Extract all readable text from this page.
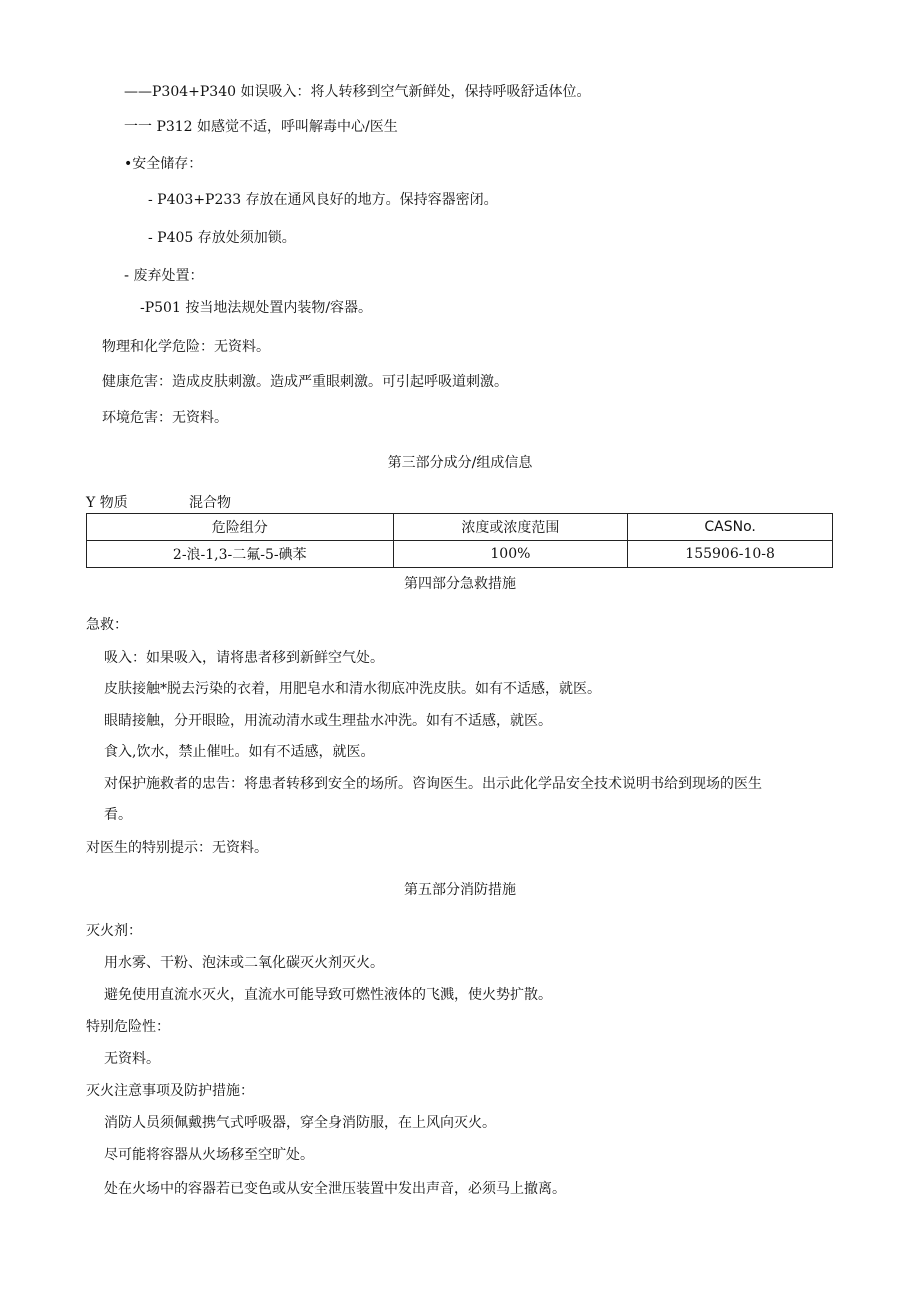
——P304+P340 如误吸入：将人转移到空气新鲜处，保持呼吸舒适体位。
一一 P312 如感觉不适，呼叫解毒中心/医生
•安全储存：
- P403+P233 存放在通风良好的地方。保持容器密闭。
- P405 存放处须加锁。
- 废弃处置：
-P501 按当地法规处置内装物/容器。
物理和化学危险：无资料。
健康危害：造成皮肤刺激。造成严重眼刺激。可引起呼吸道刺激。
环境危害：无资料。
第三部分成分/组成信息
Y 物质	混合物
危险组分	浓度或浓度范围	CASNo.
2-浪-1,3-二氟-5-碘苯	100%	155906-10-8
第四部分急救措施
急救：
吸入：如果吸入，请将患者移到新鲜空气处。
皮肤接触*脱去污染的衣着，用肥皂水和清水彻底冲洗皮肤。如有不适感，就医。
眼睛接触，分开眼睑，用流动清水或生理盐水冲洗。如有不适感，就医。
食入,饮水，禁止催吐。如有不适感，就医。
对保护施救者的忠告：将患者转移到安全的场所。咨询医生。出示此化学品安全技术说明书给到现场的医生
看。
对医生的特别提示：无资料。
第五部分消防措施
灭火剂：
用水雾、干粉、泡沫或二氧化碳灭火剂灭火。
避免使用直流水灭火，直流水可能导致可燃性液体的飞溅，使火势扩散。
特别危险性：
无资料。
灭火注意事项及防护措施：
消防人员须佩戴携气式呼吸器，穿全身消防服，在上风向灭火。
尽可能将容器从火场移至空旷处。
处在火场中的容器若已变色或从安全泄压装置中发出声音，必须马上撤离。
